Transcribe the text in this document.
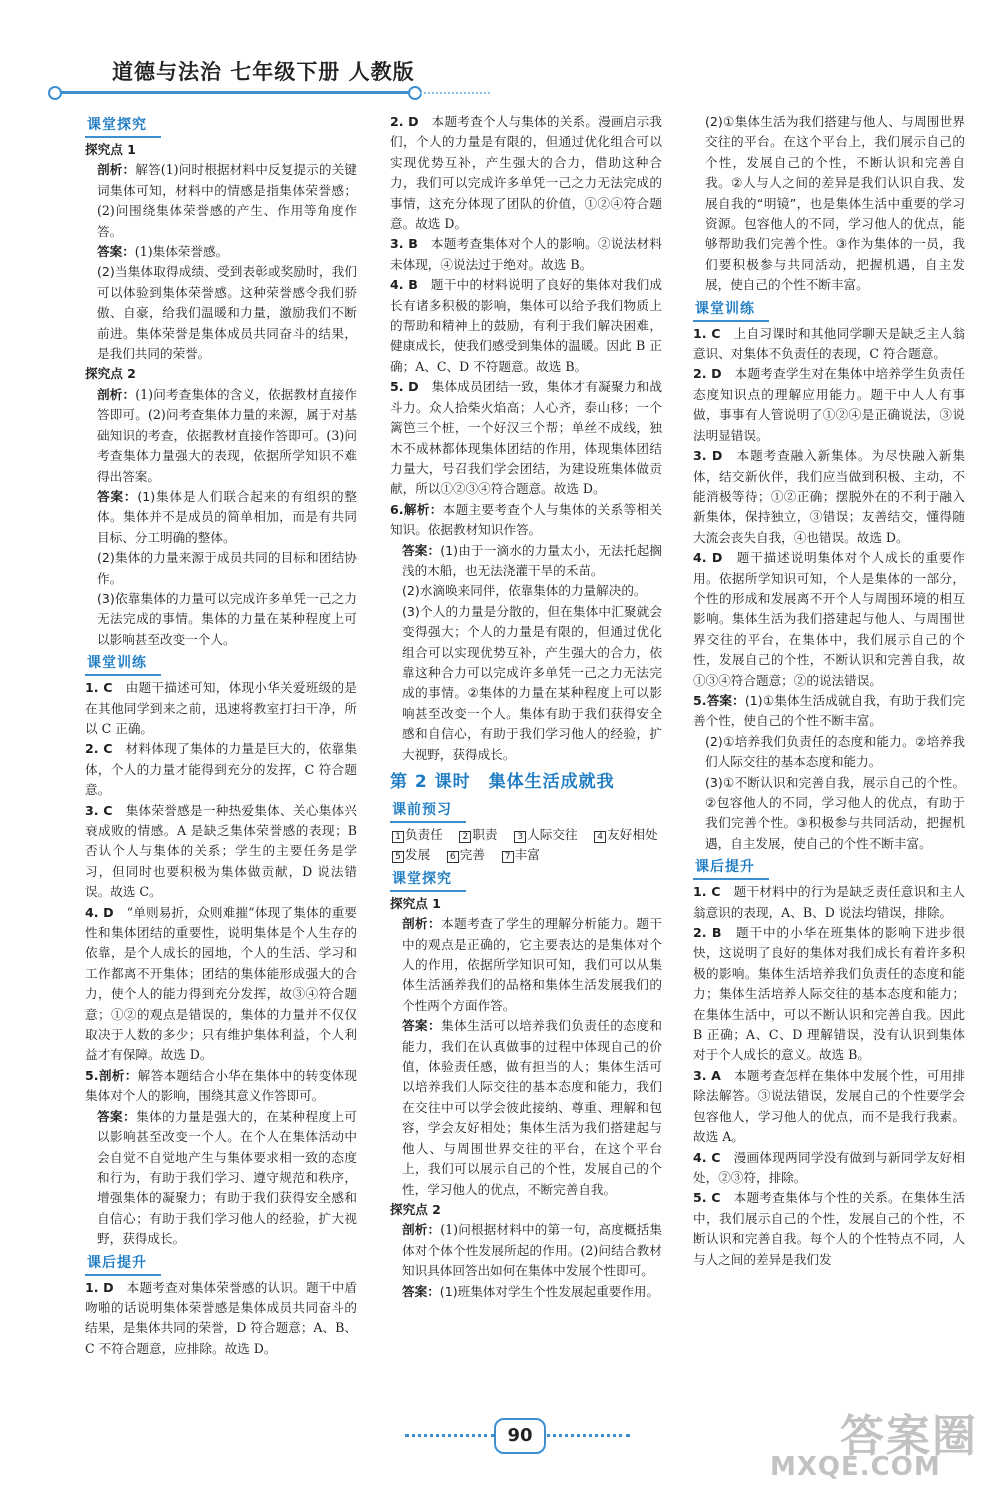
道德与法治 七年级下册 人教版
课堂探究

探究点 1

剖析：解答(1)问时根据材料中反复提示的关键词集体可知，材料中的情感是指集体荣誉感；(2)问围绕集体荣誉感的产生、作用等角度作答。

答案：(1)集体荣誉感。

(2)当集体取得成绩、受到表彰或奖励时，我们可以体验到集体荣誉感。这种荣誉感令我们骄傲、自豪，给我们温暖和力量，激励我们不断前进。集体荣誉是集体成员共同奋斗的结果，是我们共同的荣誉。

探究点 2

剖析：(1)问考查集体的含义，依据教材直接作答即可。(2)问考查集体力量的来源，属于对基础知识的考查，依据教材直接作答即可。(3)问考查集体力量强大的表现，依据所学知识不难得出答案。

答案：(1)集体是人们联合起来的有组织的整体。集体并不是成员的简单相加，而是有共同目标、分工明确的整体。

(2)集体的力量来源于成员共同的目标和团结协作。

(3)依靠集体的力量可以完成许多单凭一己之力无法完成的事情。集体的力量在某种程度上可以影响甚至改变一个人。

课堂训练

1. C　 由题干描述可知，体现小华关爱班级的是在其他同学到来之前，迅速将教室打扫干净，所以 C 正确。

2. C　 材料体现了集体的力量是巨大的，依靠集体，个人的力量才能得到充分的发挥，C 符合题意。

3. C　 集体荣誉感是一种热爱集体、关心集体兴衰成败的情感。A 是缺乏集体荣誉感的表现；B 否认个人与集体的关系；学生的主要任务是学习，但同时也要积极为集体做贡献，D 说法错误。故选 C。

4. D　 “单则易折，众则难摧”体现了集体的重要性和集体团结的重要性，说明集体是个人生存的依靠，是个人成长的园地，个人的生活、学习和工作都离不开集体；团结的集体能形成强大的合力，使个人的能力得到充分发挥，故③④符合题意；①②的观点是错误的，集体的力量并不仅仅取决于人数的多少；只有维护集体利益，个人利益才有保障。故选 D。

5.剖析：解答本题结合小华在集体中的转变体现集体对个人的影响，围绕其意义作答即可。

答案：集体的力量是强大的，在某种程度上可以影响甚至改变一个人。在个人在集体活动中会自觉不自觉地产生与集体要求相一致的态度和行为，有助于我们学习、遵守规范和秩序，增强集体的凝聚力；有助于我们获得安全感和自信心；有助于我们学习他人的经验，扩大视野，获得成长。

课后提升

1. D　 本题考查对集体荣誉感的认识。题干中盾吻啪的话说明集体荣誉感是集体成员共同奋斗的结果，是集体共同的荣誉，D 符合题意；A、B、C 不符合题意，应排除。故选 D。

2. D　 本题考查个人与集体的关系。漫画启示我们，个人的力量是有限的，但通过优化组合可以实现优势互补，产生强大的合力，借助这种合力，我们可以完成许多单凭一己之力无法完成的事情，这充分体现了团队的价值，①②④符合题意。故选 D。

3. B　 本题考查集体对个人的影响。②说法材料未体现，④说法过于绝对。故选 B。

4. B　 题干中的材料说明了良好的集体对我们成长有诸多积极的影响，集体可以给予我们物质上的帮助和精神上的鼓励，有利于我们解决困难，健康成长，使我们感受到集体的温暖。因此 B 正确；A、C、D 不符题意。故选 B。

5. D　 集体成员团结一致，集体才有凝聚力和战斗力。众人拾柴火焰高；人心齐，泰山移；一个篱笆三个桩，一个好汉三个帮；单丝不成线，独木不成林都体现集体团结的作用，体现集体团结力量大，号召我们学会团结，为建设班集体做贡献，所以①②③④符合题意。故选 D。

6.解析：本题主要考查个人与集体的关系等相关知识。依据教材知识作答。

答案：(1)由于一滴水的力量太小，无法托起搁浅的木船，也无法浇灌干旱的禾苗。

(2)水滴唤来同伴，依靠集体的力量解决的。

(3)个人的力量是分散的，但在集体中汇聚就会变得强大；个人的力量是有限的，但通过优化组合可以实现优势互补，产生强大的合力，依靠这种合力可以完成许多单凭一己之力无法完成的事情。②集体的力量在某种程度上可以影响甚至改变一个人。集体有助于我们获得安全感和自信心，有助于我们学习他人的经验，扩大视野，获得成长。

第 2 课时 集体生活成就我
课前预习

1 负责任　 2 职责　 3 人际交往　 4 友好相处　 5 发展　 6 完善　 7 丰富

课堂探究

探究点 1

剖析：本题考查了学生的理解分析能力。题干中的观点是正确的，它主要表达的是集体对个人的作用，依据所学知识可知，我们可以从集体生活涵养我们的品格和集体生活发展我们的个性两个方面作答。

答案：集体生活可以培养我们负责任的态度和能力，我们在认真做事的过程中体现自己的价值，体验责任感，做有担当的人；集体生活可以培养我们人际交往的基本态度和能力，我们在交往中可以学会彼此接纳、尊重、理解和包容，学会友好相处；集体生活为我们搭建起与他人、与周围世界交往的平台，在这个平台上，我们可以展示自己的个性，发展自己的个性，学习他人的优点，不断完善自我。

探究点 2

剖析：(1)问根据材料中的第一句，高度概括集体对个体个性发展所起的作用。(2)问结合教材知识具体回答出如何在集体中发展个性即可。

答案：(1)班集体对学生个性发展起重要作用。

(2)①集体生活为我们搭建与他人、与周围世界交往的平台。在这个平台上，我们展示自己的个性，发展自己的个性，不断认识和完善自我。②人与人之间的差异是我们认识自我、发展自我的“明镜”，也是集体生活中重要的学习资源。包容他人的不同，学习他人的优点，能够帮助我们完善个性。③作为集体的一员，我们要积极参与共同活动，把握机遇，自主发展，使自己的个性不断丰富。

课堂训练

1. C　 上自习课时和其他同学聊天是缺乏主人翁意识、对集体不负责任的表现，C 符合题意。

2. D　 本题考查学生对在集体中培养学生负责任态度知识点的理解应用能力。题干中人人有事做，事事有人管说明了①②④是正确说法，③说法明显错误。

3. D　 本题考查融入新集体。为尽快融入新集体，结交新伙伴，我们应当做到积极、主动，不能消极等待；①②正确；摆脱外在的不利于融入新集体，保持独立，③错误；友善结交，懂得随大流会丧失自我，④也错误。故选 D。

4. D　 题干描述说明集体对个人成长的重要作用。依据所学知识可知，个人是集体的一部分，个性的形成和发展离不开个人与周围环境的相互影响。集体生活为我们搭建起与他人、与周围世界交往的平台，在集体中，我们展示自己的个性，发展自己的个性，不断认识和完善自我，故①③④符合题意；②的说法错误。

5.答案：(1)①集体生活成就自我，有助于我们完善个性，使自己的个性不断丰富。

(2)①培养我们负责任的态度和能力。②培养我们人际交往的基本态度和能力。

(3)①不断认识和完善自我，展示自己的个性。②包容他人的不同，学习他人的优点，有助于我们完善个性。③积极参与共同活动，把握机遇，自主发展，使自己的个性不断丰富。

课后提升

1. C　 题干材料中的行为是缺乏责任意识和主人翁意识的表现，A、B、D 说法均错误，排除。

2. B　 题干中的小华在班集体的影响下进步很快，这说明了良好的集体对我们成长有着许多积极的影响。集体生活培养我们负责任的态度和能力；集体生活培养人际交往的基本态度和能力；在集体生活中，可以不断认识和完善自我。因此 B 正确；A、C、D 理解错误，没有认识到集体对于个人成长的意义。故选 B。

3. A　 本题考查怎样在集体中发展个性，可用排除法解答。③说法错误，发展自己的个性要学会包容他人，学习他人的优点，而不是我行我素。故选 A。

4. C　 漫画体现两同学没有做到与新同学友好相处，②③符，排除。

5. C　 本题考查集体与个性的关系。在集体生活中，我们展示自己的个性，发展自己的个性，不断认识和完善自我。每个人的个性特点不同，人与人之间的差异是我们发

90	答案圈
MXQE.COM
